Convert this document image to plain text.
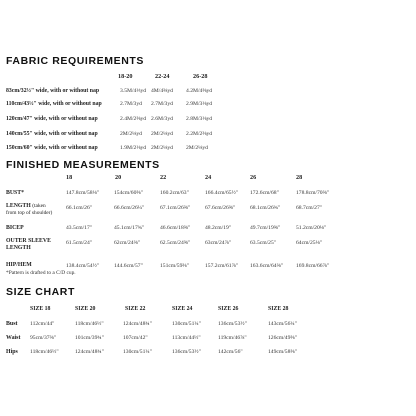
FABRIC REQUIREMENTS
18-20	22-24	26-28
83cm/32½" wide, with or without nap	3.5M/4⅓yd 4M/4⅜yd 4.2M/4⅝yd
110cm/43½" wide, with or without nap	2.7M/3yd 2.7M/3yd 2.9M/3⅛yd
120cm/47" wide, with or without nap	2.4M/2⅝yd 2.6M/3yd 2.8M/3⅛yd
140cm/55" wide, with or without nap	2M/2⅛yd 2M/2⅛yd 2.2M/2⅜yd
150cm/60" wide, with or without nap	1.9M/2⅛yd 2M/2⅛yd 2M/2⅛yd
FINISHED MEASUREMENTS
18	20	22	24	26	28
BUST*	147.8cm/58⅛"	154cm/60⅝"	160.2cm/63"	166.4cm/65½" 172.6cm/68"	178.8cm/70⅜"
LENGTH (taken
from top of shoulder)
66.1cm/26"	66.6cm/26¼"	67.1cm/26⅜"	67.6cm/26⅝"	68.1cm/26¾"	68.7cm/27"
BICEP	43.5cm/17"	45.1cm/17¾"	46.6cm/18⅜"	48.2cm/19"	49.7cm/19⅝"	51.2cm/20⅛"
OUTER SLEEVE
LENGTH
61.5cm/24"	62cm/24⅜"	62.5cm/24⅝"	63cm/24⅞"	63.5cm/25"	64cm/25⅛"
HIP/HEM	138.4cm/54½"	144.6cm/57"	151cm/59⅜"	157.2cm/61⅞" 163.6cm/64⅜" 169.8cm/66⅞"
*Pattern is drafted to a C/D cup.
SIZE CHART
SIZE 18	SIZE 20	SIZE 22	SIZE 24	SIZE 26	SIZE 28
Bust 112cm/44"	118cm/46½"	124cm/48¾"	130cm/51¼"	136cm/53½"	143cm/56¼"
Waist 95cm/37⅜"	101cm/39¾"	107cm/42"	113cm/44½"	119cm/46⅞"	126cm/49⅝"
Hips 118cm/46½"	124cm/48¾"	130cm/51¼"	136cm/53½"	142cm/56"	149cm/58⅝"
